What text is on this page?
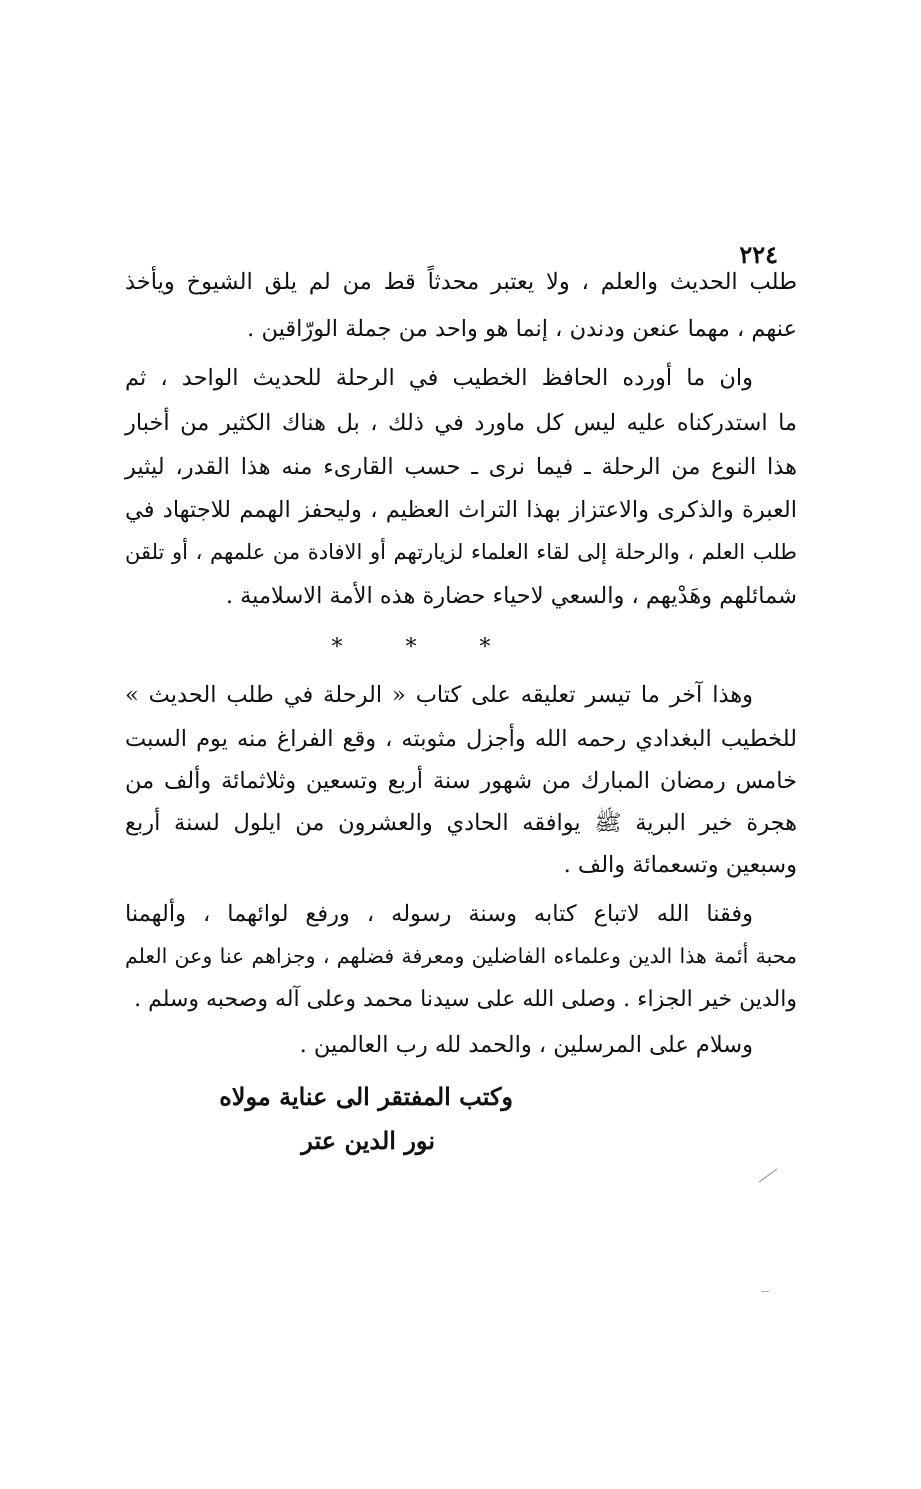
٢٢٤
طلب الحديث والعلم ، ولا يعتبر محدثاً قط من لم يلق الشيوخ ويأخذ
عنهم ، مهما عنعن ودندن ، إنما هو واحد من جملة الورّاقين .
وان ما أورده الحافظ الخطيب في الرحلة للحديث الواحد ، ثم
ما استدركناه عليه ليس كل ماورد في ذلك ، بل هناك الكثير من أخبار
هذا النوع من الرحلة ـ فيما نرى ـ حسب القارىء منه هذا القدر، ليثير
العبرة والذكرى والاعتزاز بهذا التراث العظيم ، وليحفز الهمم للاجتهاد في
طلب العلم ، والرحلة إلى لقاء العلماء لزيارتهم أو الافادة من علمهم ، أو تلقن
شمائلهم وهَدْيهم ، والسعي لاحياء حضارة هذه الأمة الاسلامية .
* * *
وهذا آخر ما تيسر تعليقه على كتاب « الرحلة في طلب الحديث »
للخطيب البغدادي رحمه الله وأجزل مثوبته ، وقع الفراغ منه يوم السبت
خامس رمضان المبارك من شهور سنة أربع وتسعين وثلاثمائة وألف من
هجرة خير البرية ﷺ يوافقه الحادي والعشرون من ايلول لسنة أربع
وسبعين وتسعمائة والف .
وفقنا الله لاتباع كتابه وسنة رسوله ، ورفع لوائهما ، وألهمنا
محبة أئمة هذا الدين وعلماءه الفاضلين ومعرفة فضلهم ، وجزاهم عنا وعن العلم
والدين خير الجزاء . وصلى الله على سيدنا محمد وعلى آله وصحبه وسلم .
وسلام على المرسلين ، والحمد لله رب العالمين .
وكتب المفتقر الى عناية مولاه
نور الدين عتر
